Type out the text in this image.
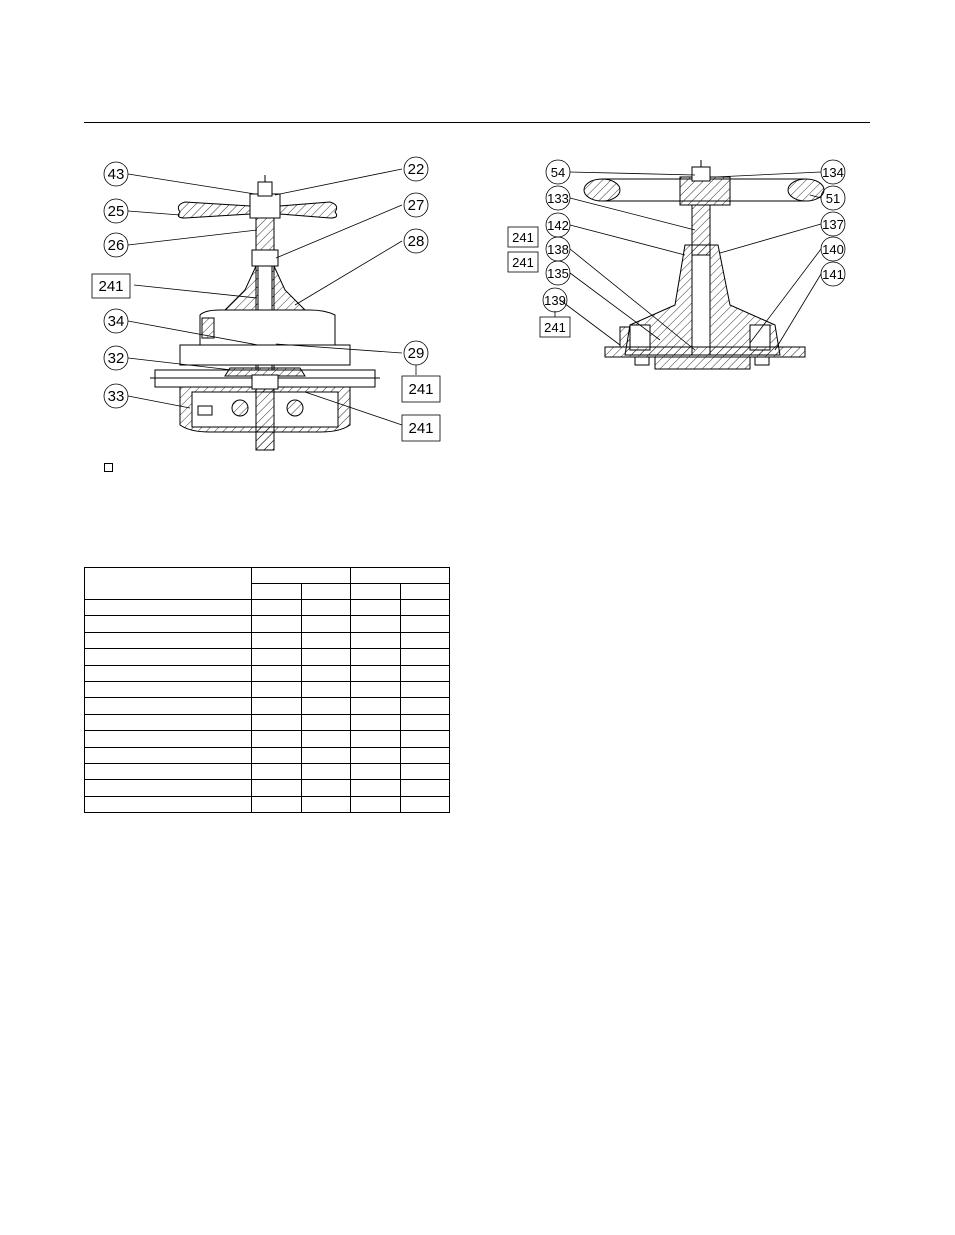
43
25
26
241
34
32
33
22
27
28
29
241
241
54
133
142
241
138
241
135
139
241
134
51
137
140
141
